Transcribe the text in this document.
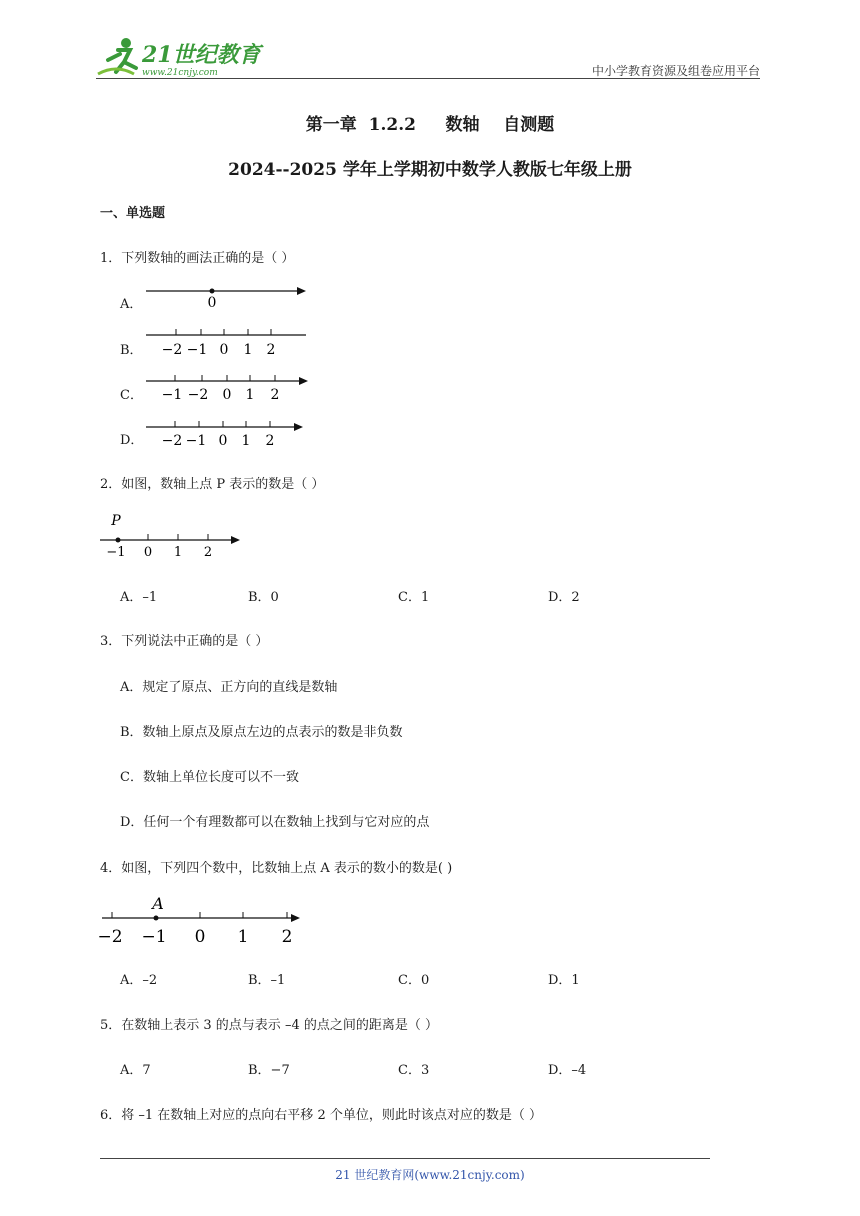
21世纪教育
www.21cnjy.com	中小学教育资源及组卷应用平台
第一章  1.2.2     数轴    自测题
2024--2025 学年上学期初中数学人教版七年级上册
一、单选题
1．下列数轴的画法正确的是（ ）
A．	0
B． −2 −1 0 1 2
C． −1 −2 0 1 2
D． −2 −1 0 1 2
2．如图，数轴上点 P 表示的数是（ ）
P
−1 0 1 2
A．–1	B．0	C．1	D．2
3．下列说法中正确的是（ ）
A．规定了原点、正方向的直线是数轴
B．数轴上原点及原点左边的点表示的数是非负数
C．数轴上单位长度可以不一致
D．任何一个有理数都可以在数轴上找到与它对应的点
4．如图，下列四个数中，比数轴上点 A 表示的数小的数是( )
A
−2 −1 0 1 2
A．–2	B．–1	C．0	D．1
5．在数轴上表示 3 的点与表示 –4 的点之间的距离是（ ）
A．7	B．−7	C．3	D．–4
6．将 –1 在数轴上对应的点向右平移 2 个单位，则此时该点对应的数是（ ）
21 世纪教育网(www.21cnjy.com)
